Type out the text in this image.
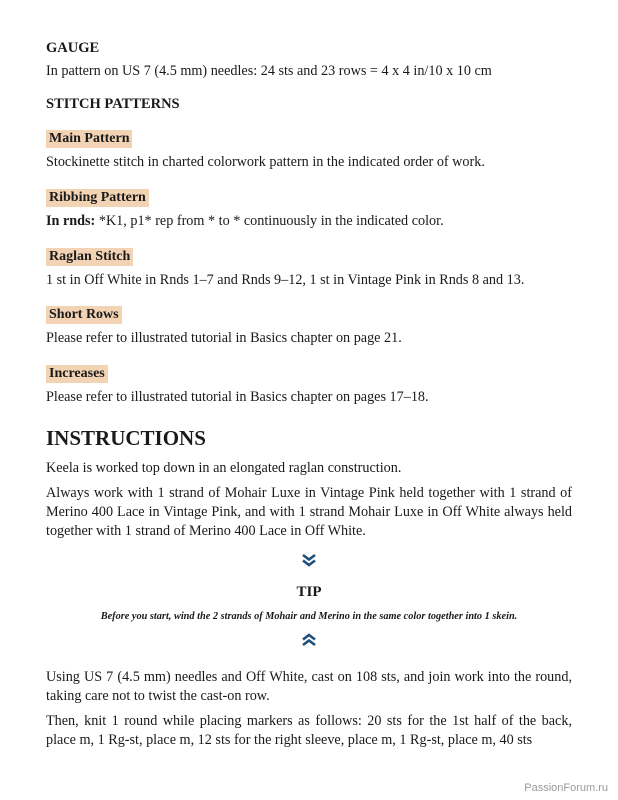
GAUGE

In pattern on US 7 (4.5 mm) needles: 24 sts and 23 rows = 4 x 4 in/10 x 10 cm

STITCH PATTERNS

Main Pattern

Stockinette stitch in charted colorwork pattern in the indicated order of work.

Ribbing Pattern

In rnds: *K1, p1* rep from * to * continuously in the indicated color.

Raglan Stitch

1 st in Off White in Rnds 1–7 and Rnds 9–12, 1 st in Vintage Pink in Rnds 8 and 13.

Short Rows

Please refer to illustrated tutorial in Basics chapter on page 21.

Increases

Please refer to illustrated tutorial in Basics chapter on pages 17–18.

INSTRUCTIONS

Keela is worked top down in an elongated raglan construction.

Always work with 1 strand of Mohair Luxe in Vintage Pink held together with 1 strand of Merino 400 Lace in Vintage Pink, and with 1 strand Mohair Luxe in Off White always held together with 1 strand of Merino 400 Lace in Off White.

TIP

Before you start, wind the 2 strands of Mohair and Merino in the same color together into 1 skein.

Using US 7 (4.5 mm) needles and Off White, cast on 108 sts, and join work into the round, taking care not to twist the cast-on row.

Then, knit 1 round while placing markers as follows: 20 sts for the 1st half of the back, place m, 1 Rg-st, place m, 12 sts for the right sleeve, place m, 1 Rg-st, place m, 40 sts

PassionForum.ru
